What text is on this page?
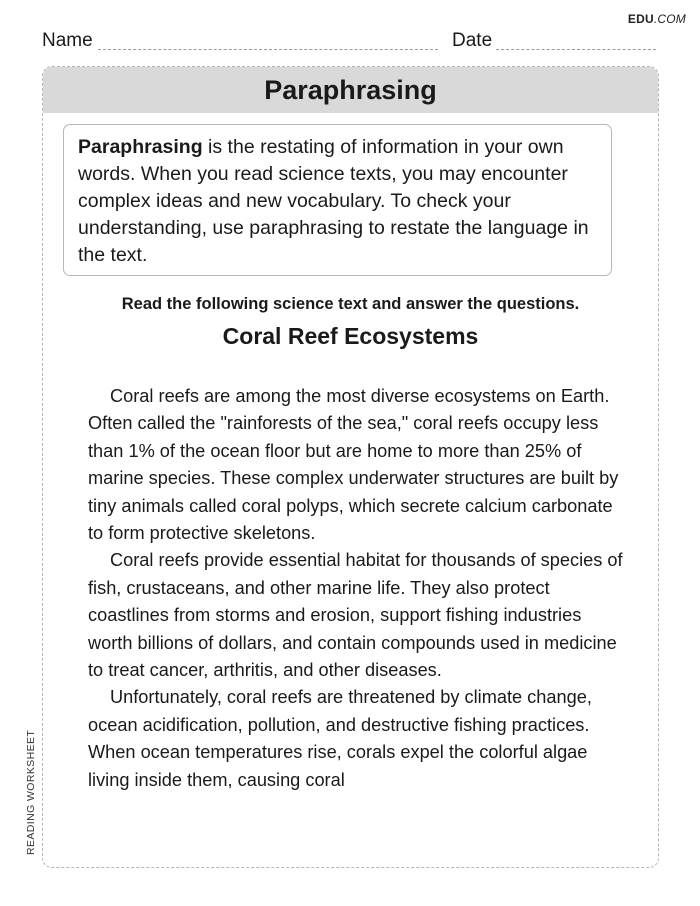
EDU.COM
Name	Date
Paraphrasing
Paraphrasing is the restating of information in your own words. When you read science texts, you may encounter complex ideas and new vocabulary. To check your understanding, use paraphrasing to restate the language in the text.
Read the following science text and answer the questions.
Coral Reef Ecosystems

Coral reefs are among the most diverse ecosystems on Earth. Often called the "rainforests of the sea," coral reefs occupy less than 1% of the ocean floor but are home to more than 25% of marine species. These complex underwater structures are built by tiny animals called coral polyps, which secrete calcium carbonate to form protective skeletons.

Coral reefs provide essential habitat for thousands of species of fish, crustaceans, and other marine life. They also protect coastlines from storms and erosion, support fishing industries worth billions of dollars, and contain compounds used in medicine to treat cancer, arthritis, and other diseases.

Unfortunately, coral reefs are threatened by climate change, ocean acidification, pollution, and destructive fishing practices. When ocean temperatures rise, corals expel the colorful algae living inside them, causing coral

READING WORKSHEET
